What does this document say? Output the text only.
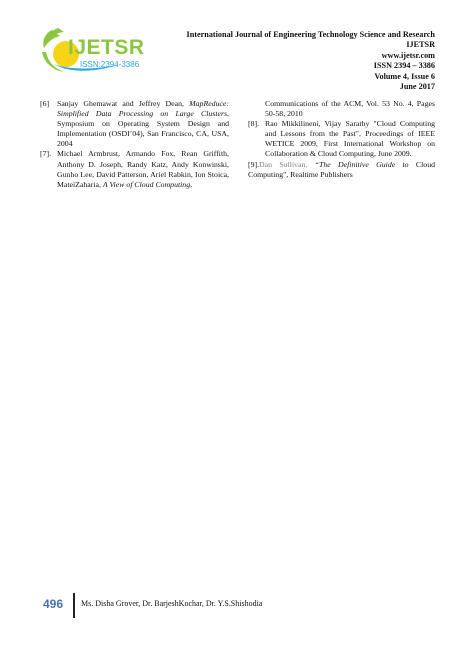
IJETSR
ISSN:2394-3386
International Journal of Engineering Technology Science and Research
IJETSR
www.ijetsr.com
ISSN 2394 – 3386
Volume 4, Issue 6
June 2017

[6] Sanjay Ghemawat and Jeffrey Dean, MapReduce: Simplified Data Processing on Large Clusters, Symposium on Operating System Design and Implementation (OSDI’04), San Francisco, CA, USA, 2004

[7]. Michael Armbrust, Armando Fox, Rean Griffith, Anthony D. Joseph, Randy Katz, Andy Konwinski, Gunho Lee, David Patterson, Ariel Rabkin, Ion Stoica, MateiZaharia, A View of Cloud Computing,

Communications of the ACM, Vol. 53 No. 4, Pages 50-58, 2010

[8]. Rao Mikkilineni, Vijay Sarathy "Cloud Computing and Lessons from the Past", Proceedings of IEEE WETICE 2009, First International Workshop on Collaboration & Cloud Computing, June 2009.

[9].Dan Sullivan. “The Definitive Guide to Cloud Computing", Realtime Publishers

496 Ms. Disha Grover, Dr. BarjeshKochar, Dr. Y.S.Shishodia
